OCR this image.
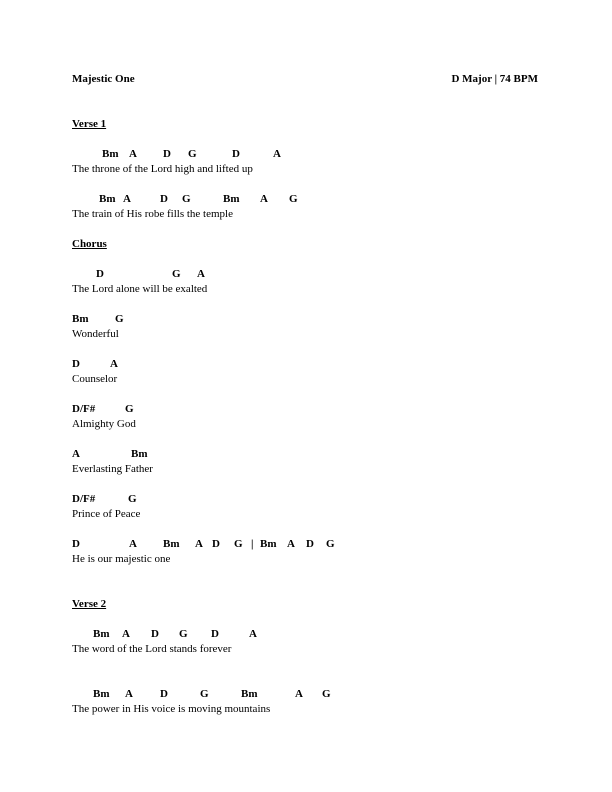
Majestic One	D Major | 74 BPM
Verse 1
Bm A D G	D	A
The throne of the Lord high and lifted up
Bm A	D G	Bm A G
The train of His robe fills the temple
Chorus
D	G A
The Lord alone will be exalted
Bm G
Wonderful
D	A
Counselor
D/F#	G
Almighty God
A	Bm
Everlasting Father
D/F#	G
Prince of Peace
D	A Bm A D G | Bm A D G
He is our majestic one
Verse 2
Bm A D G D	A
The word of the Lord stands forever
Bm A D	G	Bm	A G
The power in His voice is moving mountains
